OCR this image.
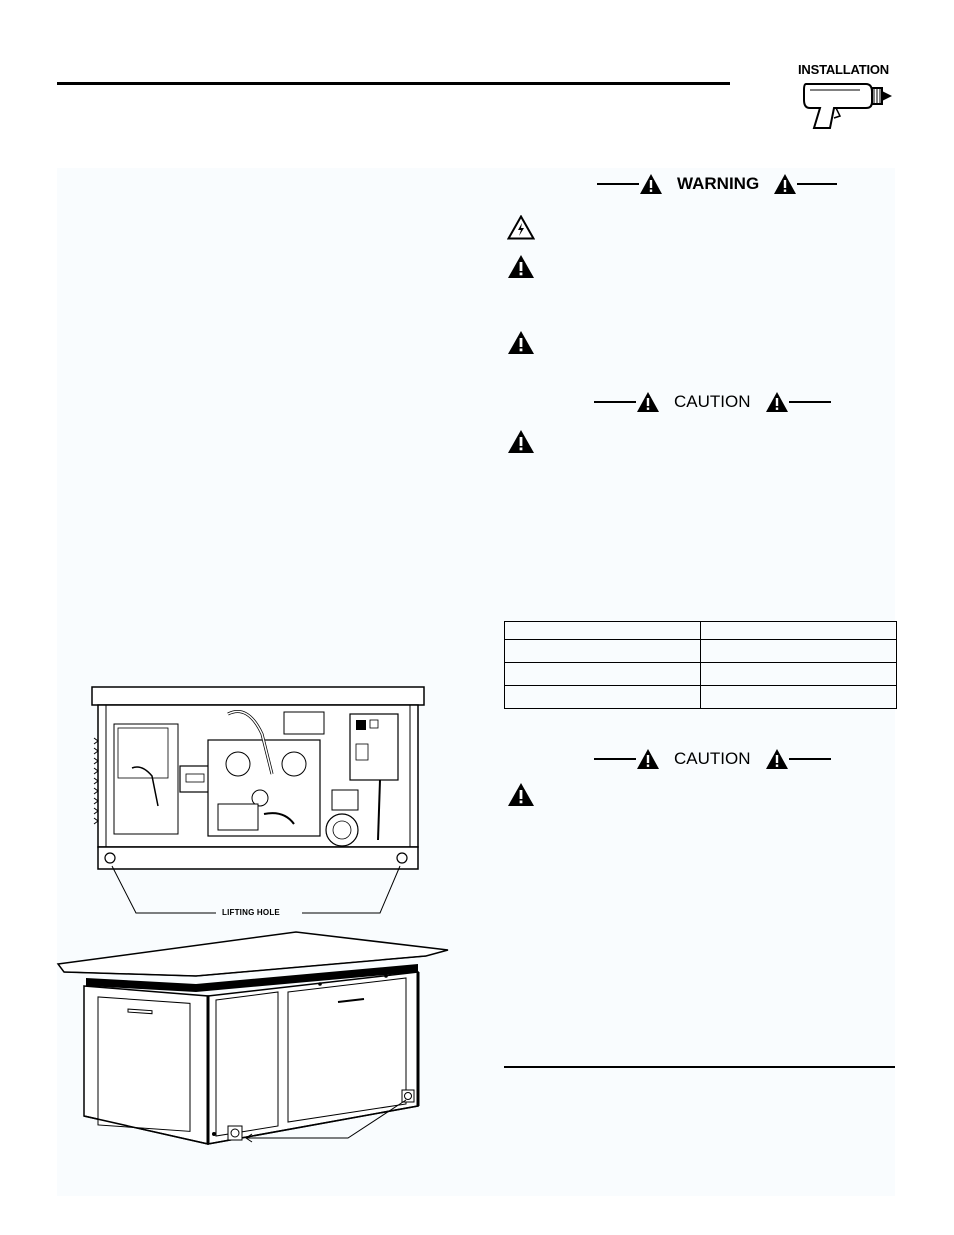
INSTALLATION
WARNING
CAUTION

CAUTION
LIFTING HOLE
